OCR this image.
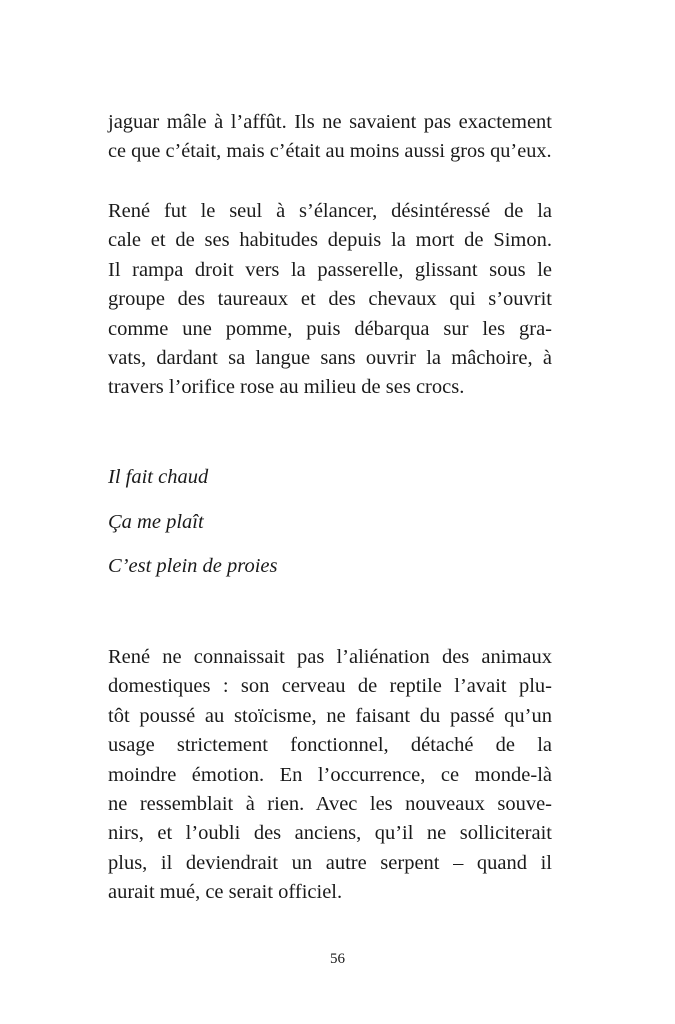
jaguar mâle à l’affût. Ils ne savaient pas exactement
ce que c’était, mais c’était au moins aussi gros qu’eux.

René fut le seul à s’élancer, désintéressé de la
cale et de ses habitudes depuis la mort de Simon.
Il rampa droit vers la passerelle, glissant sous le
groupe des taureaux et des chevaux qui s’ouvrit
comme une pomme, puis débarqua sur les gra-
vats, dardant sa langue sans ouvrir la mâchoire, à
travers l’orifice rose au milieu de ses crocs.

Il fait chaud

Ça me plaît

C’est plein de proies

René ne connaissait pas l’aliénation des animaux
domestiques : son cerveau de reptile l’avait plu-
tôt poussé au stoïcisme, ne faisant du passé qu’un
usage strictement fonctionnel, détaché de la
moindre émotion. En l’occurrence, ce monde-là
ne ressemblait à rien. Avec les nouveaux souve-
nirs, et l’oubli des anciens, qu’il ne solliciterait
plus, il deviendrait un autre serpent – quand il
aurait mué, ce serait officiel.

56
